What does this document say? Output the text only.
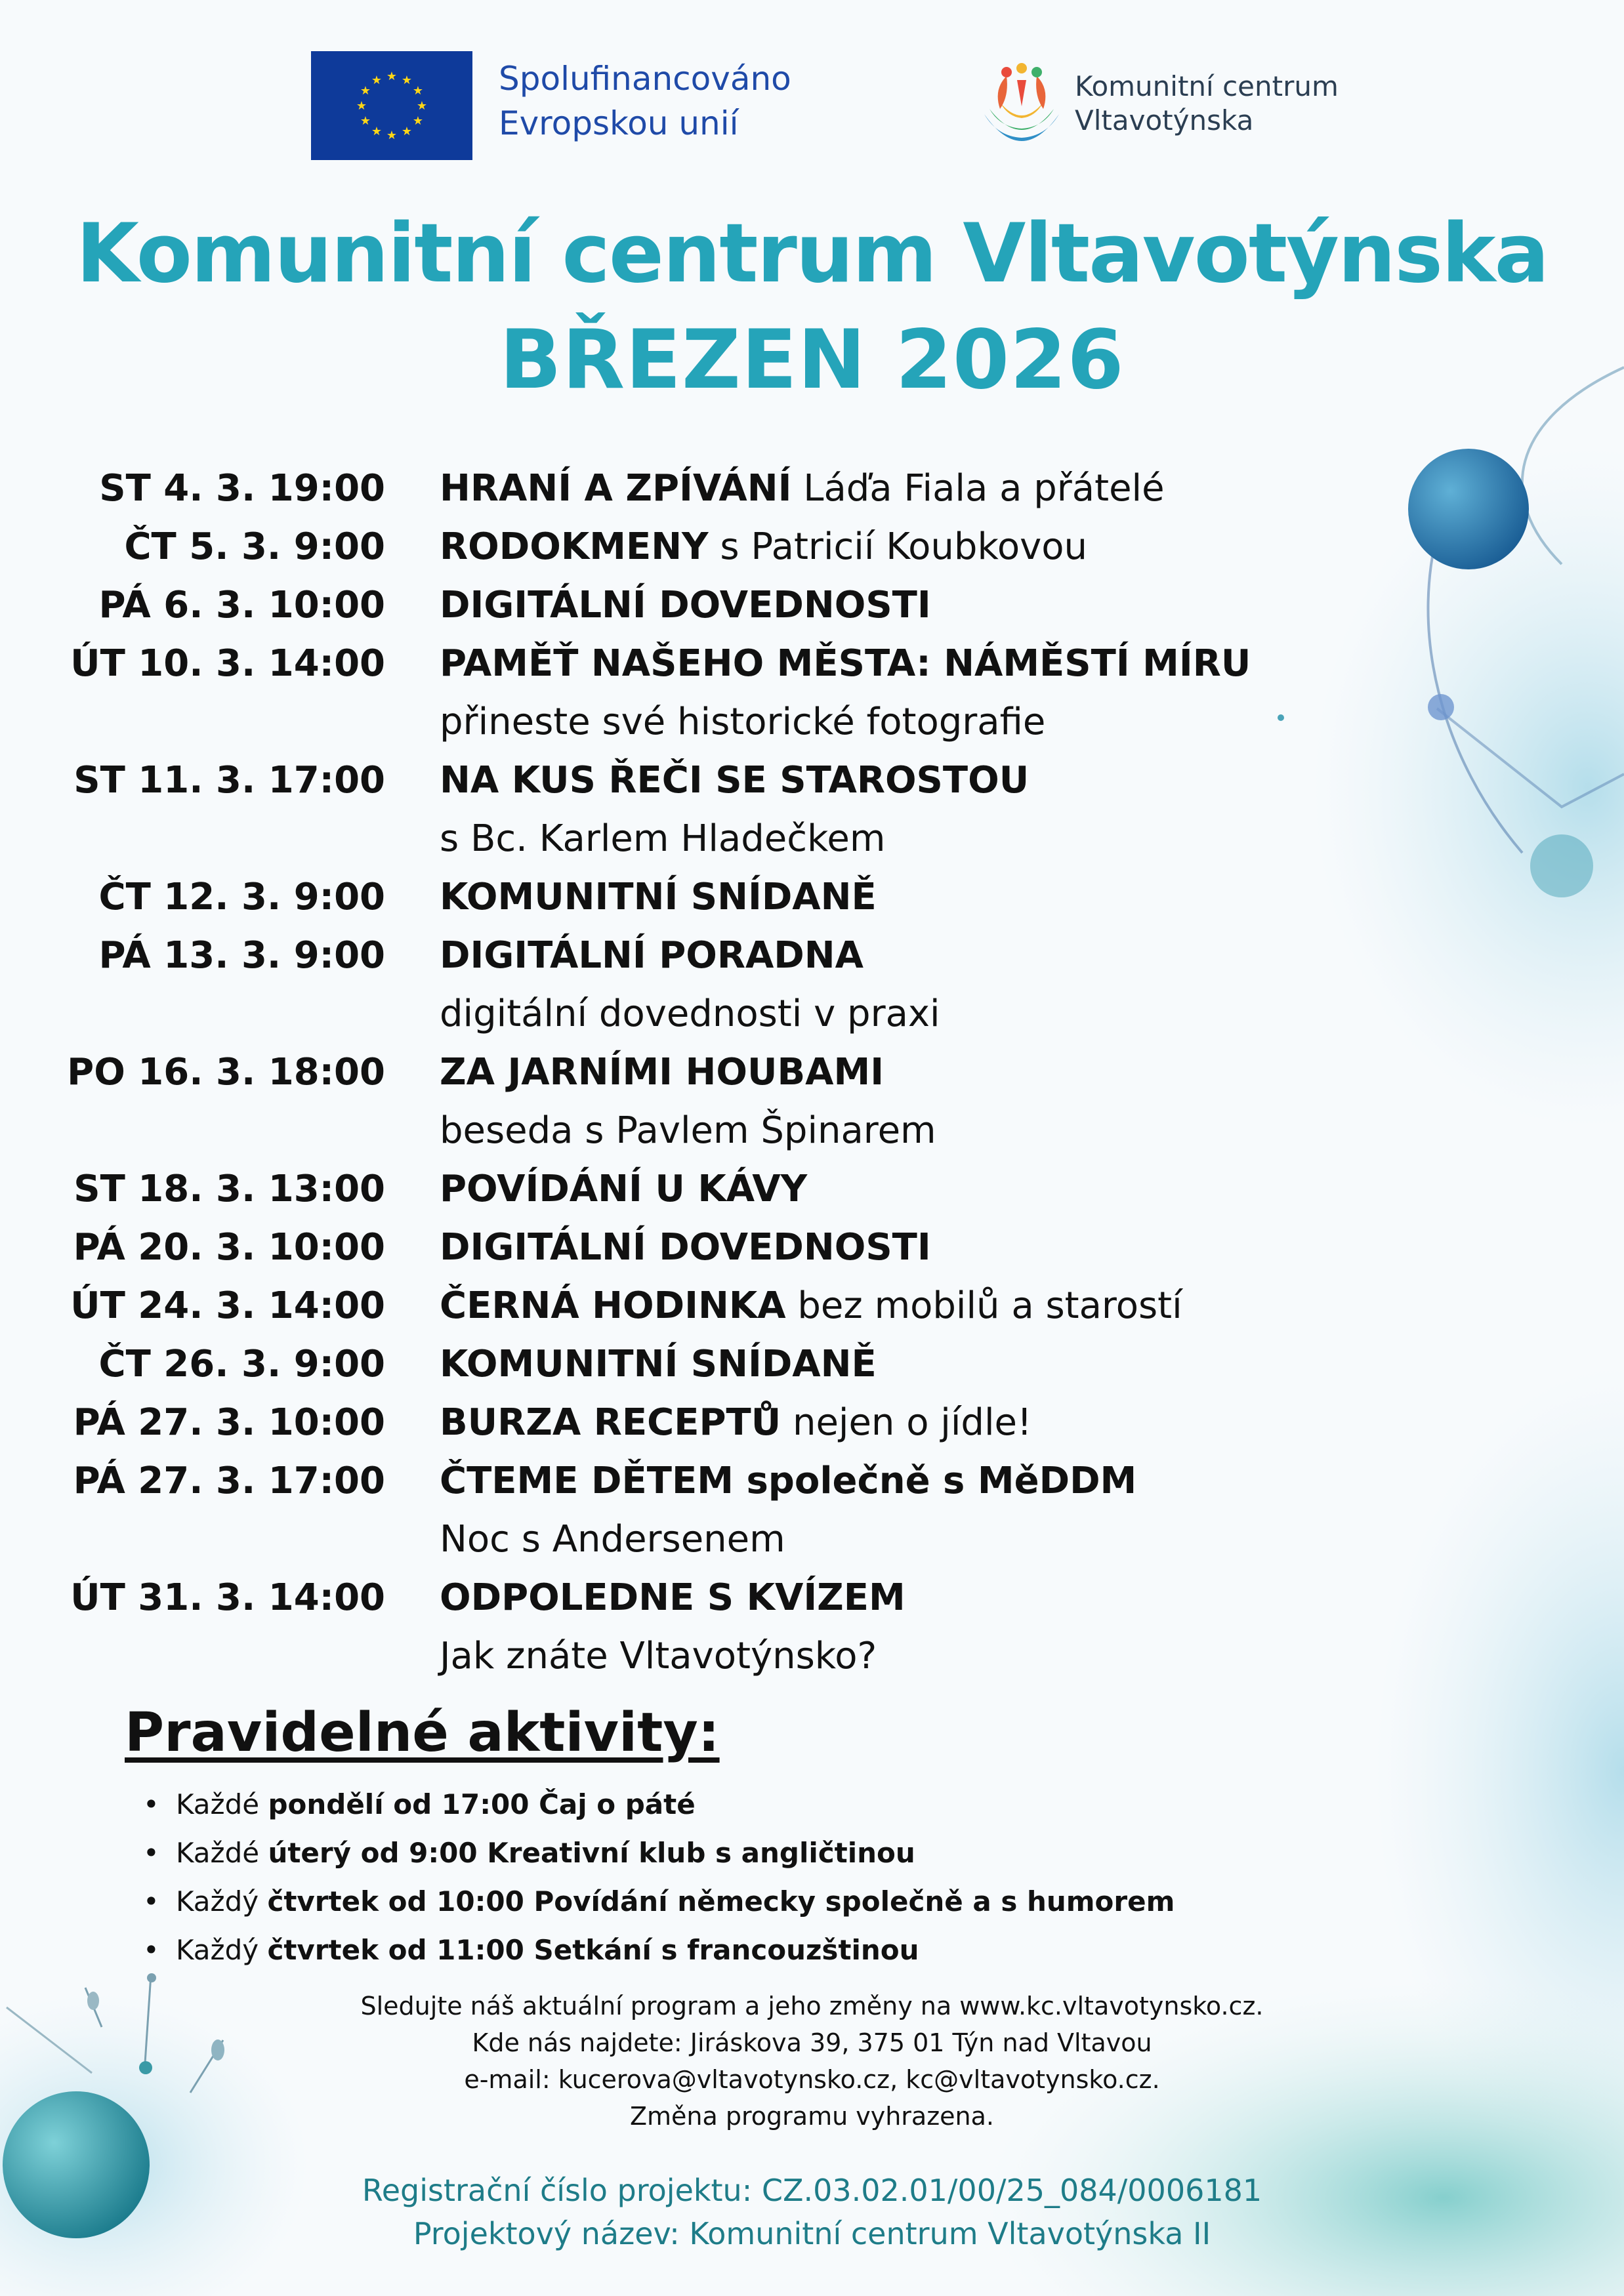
★ ★
★
★
★
★
★
★
★
★
★
★	Spolufinancováno
Evropskou unií
Komunitní centrum
Vltavotýnska
Komunitní centrum Vltavotýnska
BŘEZEN 2026
ST 4. 3. 19:00 HRANÍ A ZPÍVÁNÍ Láďa Fiala a přátelé
ČT 5. 3. 9:00 RODOKMENY s Patricií Koubkovou
PÁ 6. 3. 10:00 DIGITÁLNÍ DOVEDNOSTI
ÚT 10. 3. 14:00 PAMĚŤ NAŠEHO MĚSTA: NÁMĚSTÍ MÍRU
přineste své historické fotografie
ST 11. 3. 17:00 NA KUS ŘEČI SE STAROSTOU
s Bc. Karlem Hladečkem
ČT 12. 3. 9:00 KOMUNITNÍ SNÍDANĚ
PÁ 13. 3. 9:00 DIGITÁLNÍ PORADNA
digitální dovednosti v praxi
PO 16. 3. 18:00 ZA JARNÍMI HOUBAMI
beseda s Pavlem Špinarem
ST 18. 3. 13:00 POVÍDÁNÍ U KÁVY
PÁ 20. 3. 10:00 DIGITÁLNÍ DOVEDNOSTI
ÚT 24. 3. 14:00 ČERNÁ HODINKA bez mobilů a starostí
ČT 26. 3. 9:00 KOMUNITNÍ SNÍDANĚ
PÁ 27. 3. 10:00 BURZA RECEPTŮ nejen o jídle!
PÁ 27. 3. 17:00 ČTEME DĚTEM společně s MěDDM
Noc s Andersenem
ÚT 31. 3. 14:00 ODPOLEDNE S KVÍZEM
Jak znáte Vltavotýnsko?
Pravidelné aktivity:
• Každé pondělí od 17:00 Čaj o páté
• Každé úterý od 9:00 Kreativní klub s angličtinou
• Každý čtvrtek od 10:00 Povídání německy společně a s humorem
• Každý čtvrtek od 11:00 Setkání s francouzštinou
Sledujte náš aktuální program a jeho změny na www.kc.vltavotynsko.cz.
Kde nás najdete: Jiráskova 39, 375 01 Týn nad Vltavou
e-mail: kucerova@vltavotynsko.cz, kc@vltavotynsko.cz.
Změna programu vyhrazena.
Registrační číslo projektu: CZ.03.02.01/00/25_084/0006181
Projektový název: Komunitní centrum Vltavotýnska II
